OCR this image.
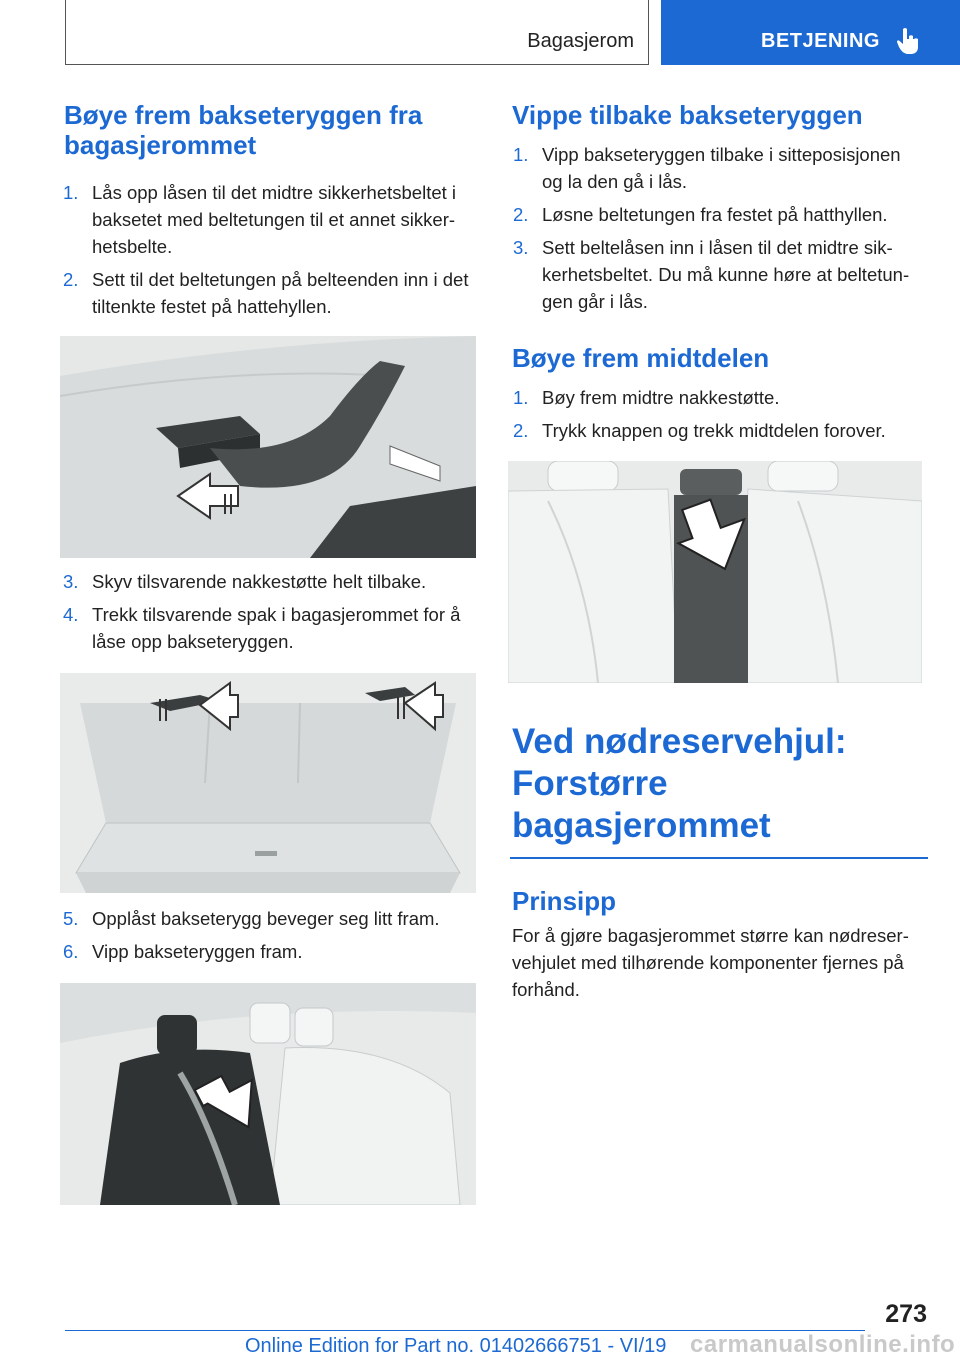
Bagasjerom	BETJENING
Bøye frem bakseteryggen fra bagasjerommet
1. Lås opp låsen til det midtre sikkerhetsbeltet i baksetet med beltetungen til et annet sikkerhetsbelte.
2. Sett til det beltetungen på belteenden inn i det tiltenkte festet på hattehyllen.
3. Skyv tilsvarende nakkestøtte helt tilbake.
4. Trekk tilsvarende spak i bagasjerommet for å låse opp bakseteryggen.
5. Opplåst bakseterygg beveger seg litt fram.
6. Vipp bakseteryggen fram.
Vippe tilbake bakseteryggen
1. Vipp bakseteryggen tilbake i sitteposisjonen og la den gå i lås.
2. Løsne beltetungen fra festet på hatthyllen.
3. Sett beltelåsen inn i låsen til det midtre sikkerhetsbeltet. Du må kunne høre at beltetungen går i lås.
Bøye frem midtdelen
1. Bøy frem midtre nakkestøtte.
2. Trykk knappen og trekk midtdelen forover.
Ved nødreservehjul: Forstørre bagasjerommet
Prinsipp
For å gjøre bagasjerommet større kan nødreservehjulet med tilhørende komponenter fjernes på forhånd.
273
Online Edition for Part no. 01402666751 - VI/19 carmanualsonline.info
